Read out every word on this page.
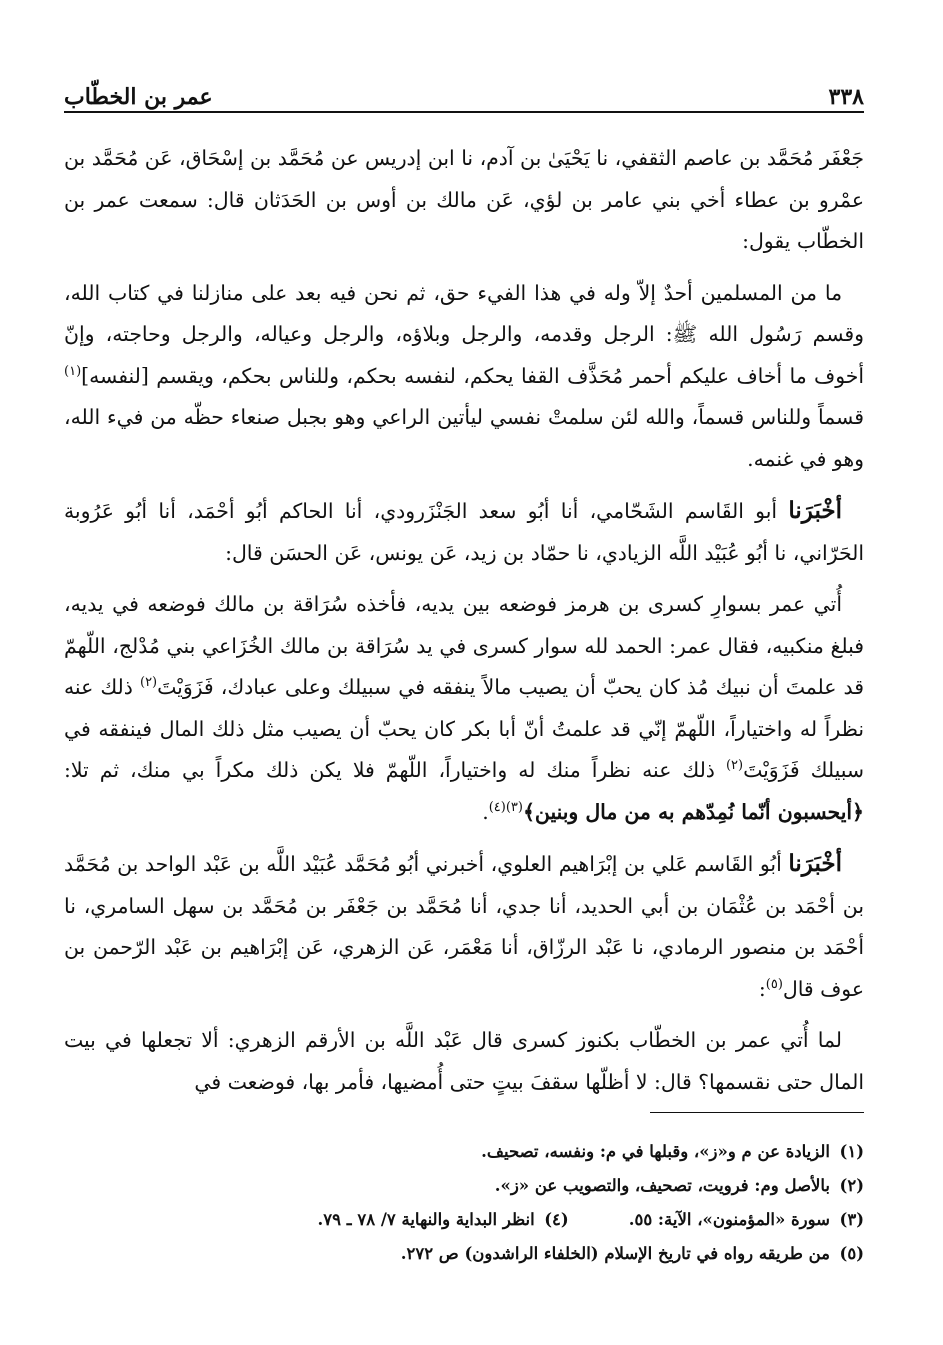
٣٣٨
عمر بن الخطّاب

جَعْفَر مُحَمَّد بن عاصم الثقفي، نا يَحْيَىٰ بن آدم، نا ابن إدريس عن مُحَمَّد بن إسْحَاق، عَن مُحَمَّد بن عمْرو بن عطاء أخي بني عامر بن لؤي، عَن مالك بن أوس بن الحَدَثان قال: سمعت عمر بن الخطّاب يقول:

ما من المسلمين أحدٌ إلاّ وله في هذا الفيء حق، ثم نحن فيه بعد على منازلنا في كتاب الله، وقسم رَسُول الله ﷺ: الرجل وقدمه، والرجل وبلاؤه، والرجل وعياله، والرجل وحاجته، وإنّ أخوف ما أخاف عليكم أحمر مُحَذَّف القفا يحكم، لنفسه بحكم، وللناس بحكم، ويقسم [لنفسه]$^{(١)}$ قسماً وللناس قسماً، والله لئن سلمتْ نفسي ليأتين الراعي وهو بجبل صنعاء حظّه من فيء الله، وهو في غنمه.

أخْبَرَنا أبو القَاسم الشَحّامي، أنا أبُو سعد الجَنْزَرودي، أنا الحاكم أبُو أحْمَد، أنا أبُو عَرُوبة الحَرّاني، نا أبُو عُبَيْد اللَّه الزيادي، نا حمّاد بن زيد، عَن يونس، عَن الحسَن قال:

أُتي عمر بسوارِ كسرى بن هرمز فوضعه بين يديه، فأخذه سُرَاقة بن مالك فوضعه في يديه، فبلغ منكبيه، فقال عمر: الحمد لله سوار كسرى في يد سُرَاقة بن مالك الخُزَاعي بني مُدْلج، اللّهمّ قد علمتَ أن نبيك مُذ كان يحبّ أن يصيب مالاً ينفقه في سبيلك وعلى عبادك، فَزَوَيْتَ$^{(٢)}$ ذلك عنه نظراً له واختياراً، اللّهمّ إنّي قد علمتُ أنّ أبا بكر كان يحبّ أن يصيب مثل ذلك المال فينفقه في سبيلك فَزَوَيْتَ$^{(٢)}$ ذلك عنه نظراً منك له واختياراً، اللّهمّ فلا يكن ذلك مكراً بي منك، ثم تلا: ﴿أيحسبون أنّما نُمِدّهم به من مال وبنين﴾$^{(٣)(٤)}$.

أخْبَرَنا أبُو القَاسم عَلي بن إبْرَاهيم العلوي، أخبرني أبُو مُحَمَّد عُبَيْد اللَّه بن عَبْد الواحد بن مُحَمَّد بن أحْمَد بن عُثْمَان بن أبي الحديد، أنا جدي، أنا مُحَمَّد بن جَعْفَر بن مُحَمَّد بن سهل السامري، نا أحْمَد بن منصور الرمادي، نا عَبْد الرزّاق، أنا مَعْمَر، عَن الزهري، عَن إبْرَاهيم بن عَبْد الرّحمن بن عوف قال$^{(٥)}$:

لما أُتي عمر بن الخطّاب بكنوز كسرى قال عَبْد اللَّه بن الأرقم الزهري: ألا تجعلها في بيت المال حتى نقسمها؟ قال: لا أظلّها سقفَ بيتٍ حتى أُمضيها، فأمر بها، فوضعت في

(١)الزيادة عن م و«ز»، وقبلها في م: ونفسه، تصحيف.
(٢)بالأصل وم: فرويت، تصحيف، والتصويب عن «ز».
(٣)سورة «المؤمنون»، الآية: ٥٥.
(٤)انظر البداية والنهاية ٧/ ٧٨ ـ ٧٩.
(٥)من طريقه رواه في تاريخ الإسلام (الخلفاء الراشدون) ص ٢٧٢.
